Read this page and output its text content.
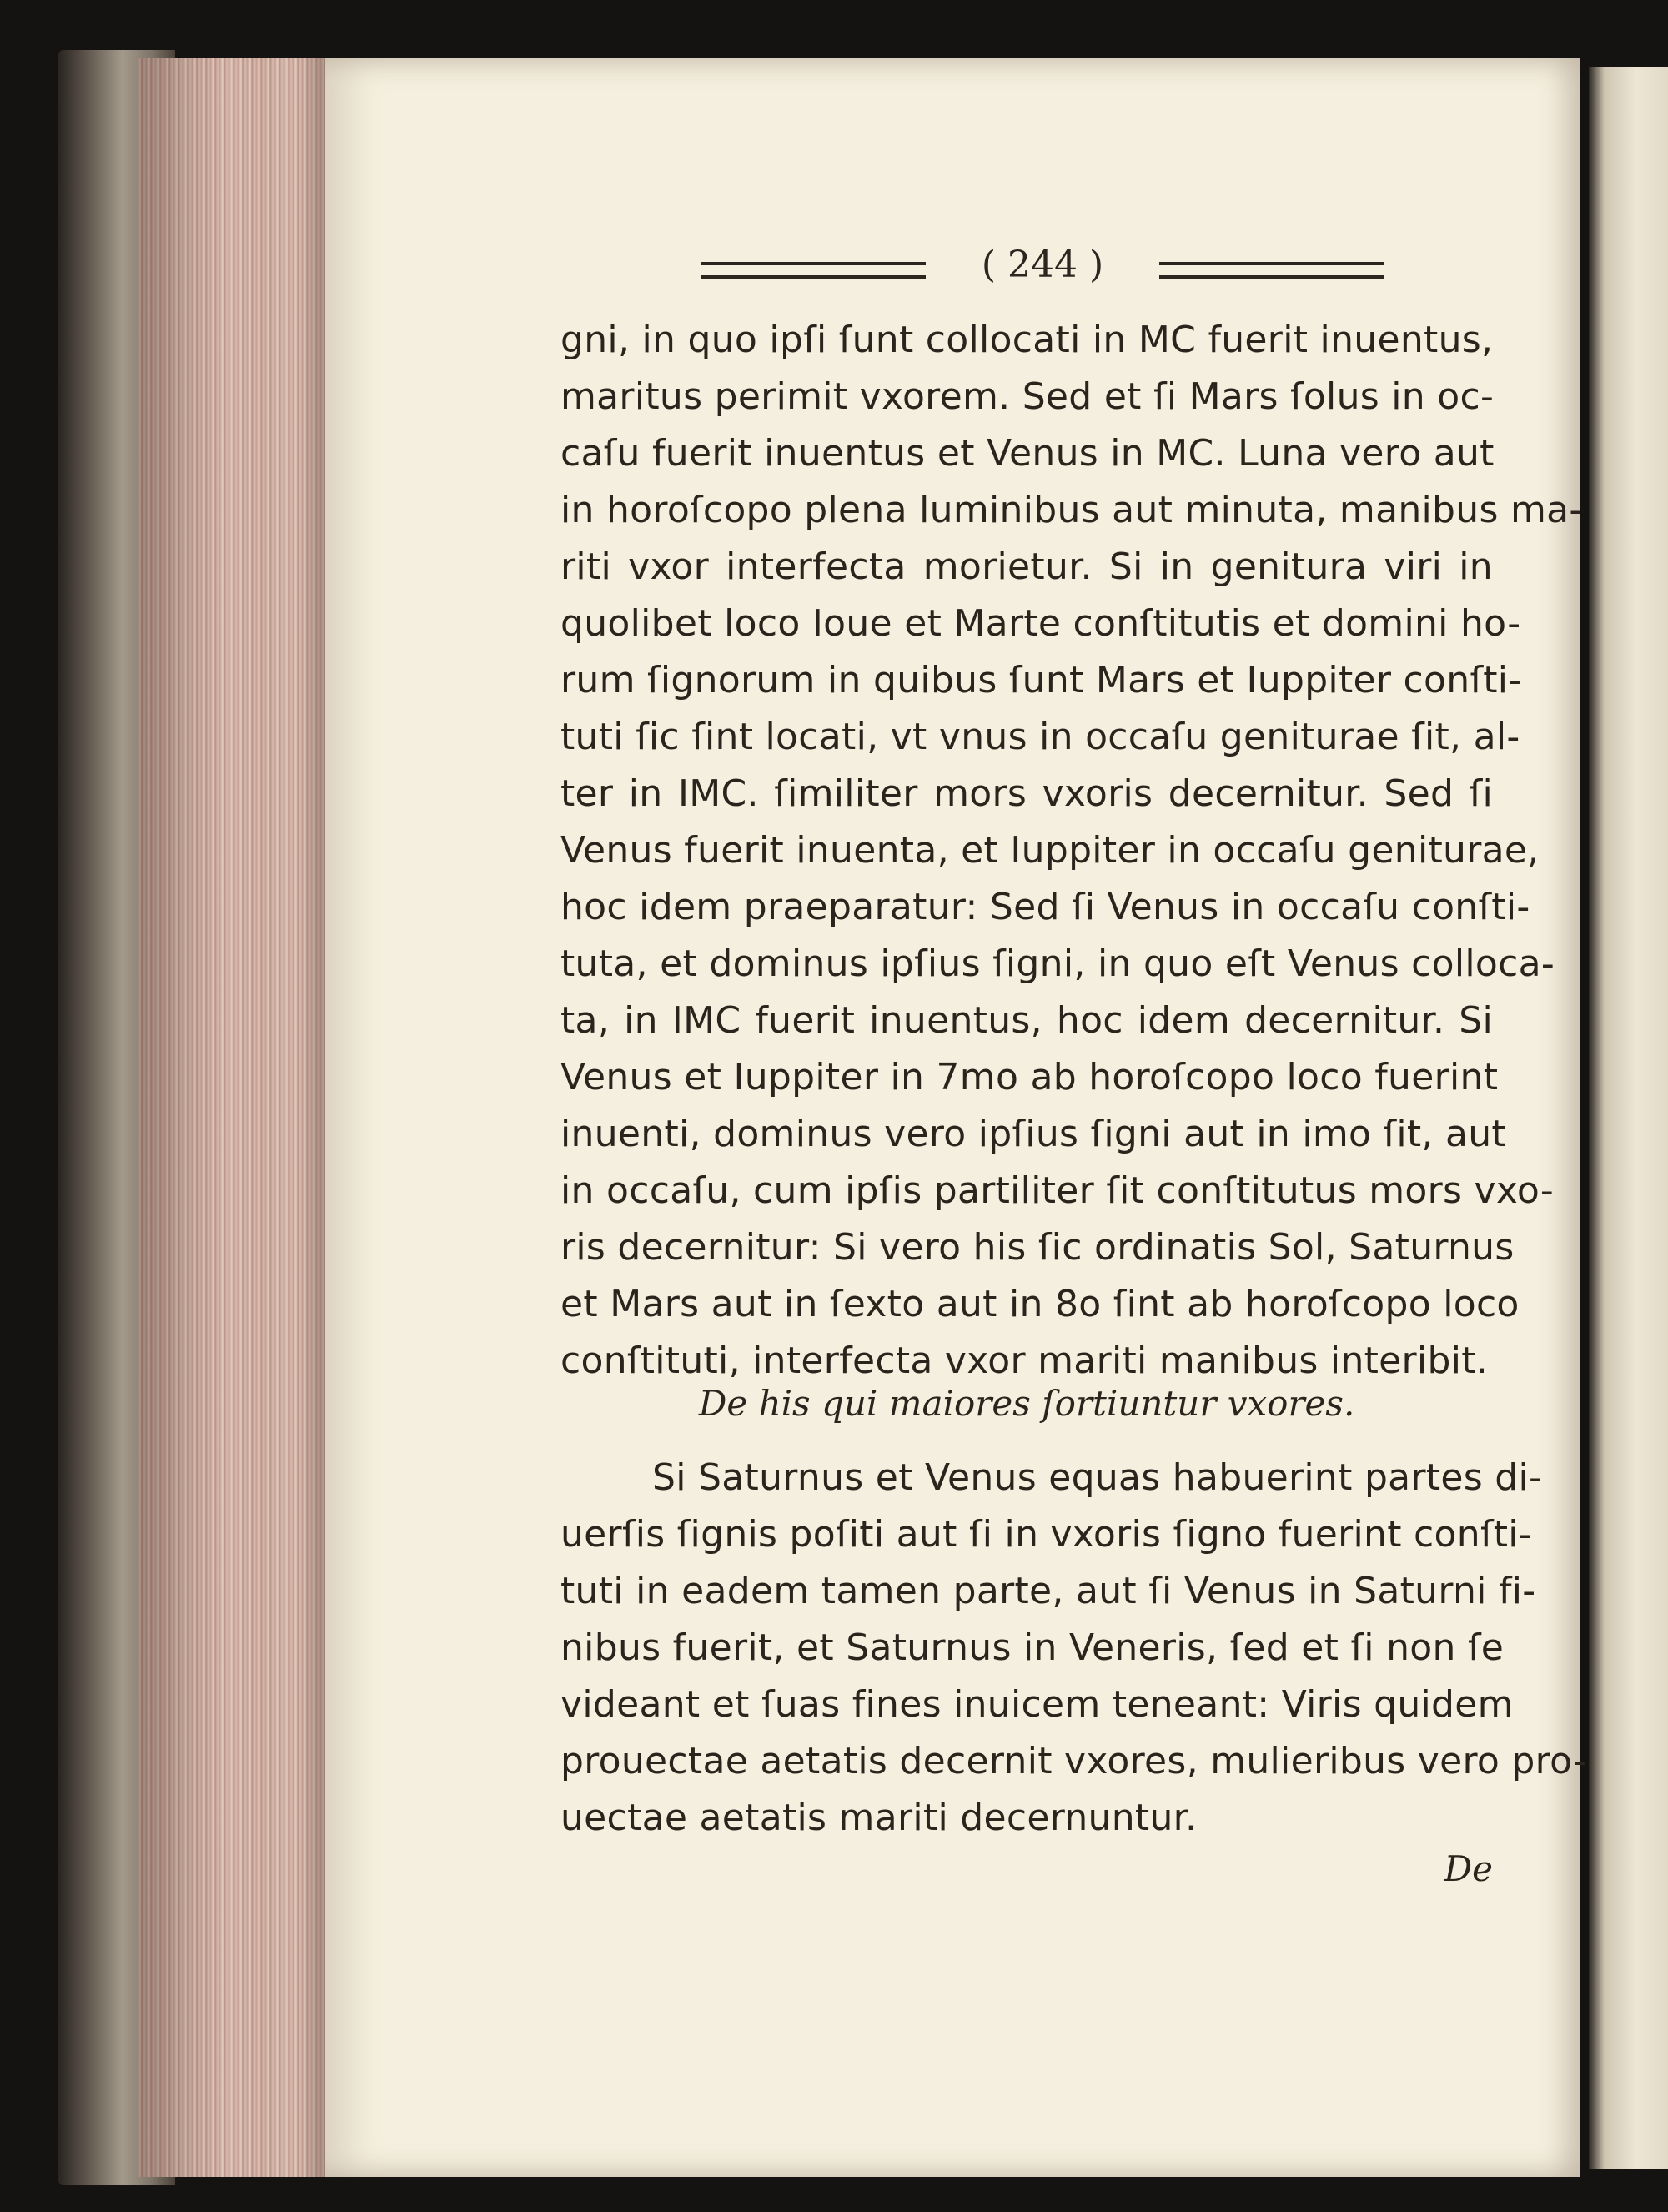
( 244 )
gni, in quo ipſi ſunt collocati in MC fuerit inuentus,
maritus perimit vxorem. Sed et ſi Mars ſolus in oc-
caſu fuerit inuentus et Venus in MC. Luna vero aut
in horoſcopo plena luminibus aut minuta, manibus ma-
riti vxor interfecta morietur. Si in genitura viri in
quolibet loco Ioue et Marte conſtitutis et domini ho-
rum ſignorum in quibus ſunt Mars et Iuppiter conſti-
tuti ſic ſint locati, vt vnus in occaſu geniturae ſit, al-
ter in IMC. ſimiliter mors vxoris decernitur. Sed ſi
Venus fuerit inuenta, et Iuppiter in occaſu geniturae,
hoc idem praeparatur: Sed ſi Venus in occaſu conſti-
tuta, et dominus ipſius ſigni, in quo eſt Venus colloca-
ta, in IMC fuerit inuentus, hoc idem decernitur. Si
Venus et Iuppiter in 7mo ab horoſcopo loco fuerint
inuenti, dominus vero ipſius ſigni aut in imo ſit, aut
in occaſu, cum ipſis partiliter ſit conſtitutus mors vxo-
ris decernitur: Si vero his ſic ordinatis Sol, Saturnus
et Mars aut in ſexto aut in 8o ſint ab horoſcopo loco
conſtituti, interfecta vxor mariti manibus interibit.
De his qui maiores ſortiuntur vxores.
Si Saturnus et Venus equas habuerint partes di-
uerſis ſignis poſiti aut ſi in vxoris ſigno fuerint conſti-
tuti in eadem tamen parte, aut ſi Venus in Saturni fi-
nibus fuerit, et Saturnus in Veneris, ſed et ſi non ſe
videant et ſuas fines inuicem teneant: Viris quidem
prouectae aetatis decernit vxores, mulieribus vero pro-
uectae aetatis mariti decernuntur.
De
